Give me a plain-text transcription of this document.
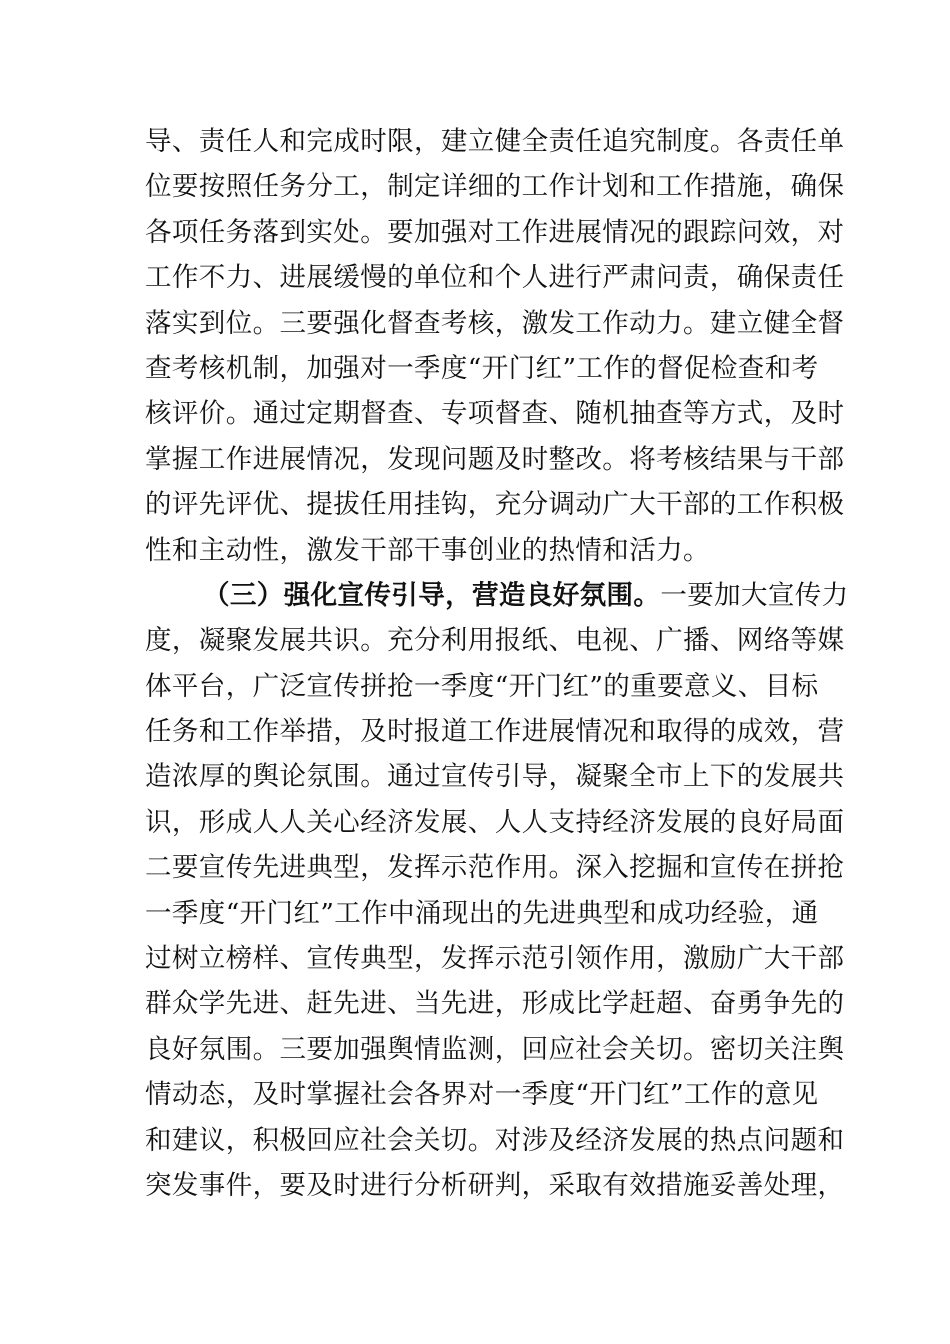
导、责任人和完成时限，建立健全责任追究制度。各责任单
位要按照任务分工，制定详细的工作计划和工作措施，确保
各项任务落到实处。要加强对工作进展情况的跟踪问效，对
工作不力、进展缓慢的单位和个人进行严肃问责，确保责任
落实到位。三要强化督查考核，激发工作动力。建立健全督
查考核机制，加强对一季度“开门红”工作的督促检查和考
核评价。通过定期督查、专项督查、随机抽查等方式，及时
掌握工作进展情况，发现问题及时整改。将考核结果与干部
的评先评优、提拔任用挂钩，充分调动广大干部的工作积极
性和主动性，激发干部干事创业的热情和活力。
（三）强化宣传引导，营造良好氛围。一要加大宣传力
度，凝聚发展共识。充分利用报纸、电视、广播、网络等媒
体平台，广泛宣传拼抢一季度“开门红”的重要意义、目标
任务和工作举措，及时报道工作进展情况和取得的成效，营
造浓厚的舆论氛围。通过宣传引导，凝聚全市上下的发展共
识，形成人人关心经济发展、人人支持经济发展的良好局面
二要宣传先进典型，发挥示范作用。深入挖掘和宣传在拼抢
一季度“开门红”工作中涌现出的先进典型和成功经验，通
过树立榜样、宣传典型，发挥示范引领作用，激励广大干部
群众学先进、赶先进、当先进，形成比学赶超、奋勇争先的
良好氛围。三要加强舆情监测，回应社会关切。密切关注舆
情动态，及时掌握社会各界对一季度“开门红”工作的意见
和建议，积极回应社会关切。对涉及经济发展的热点问题和
突发事件，要及时进行分析研判，采取有效措施妥善处理，
